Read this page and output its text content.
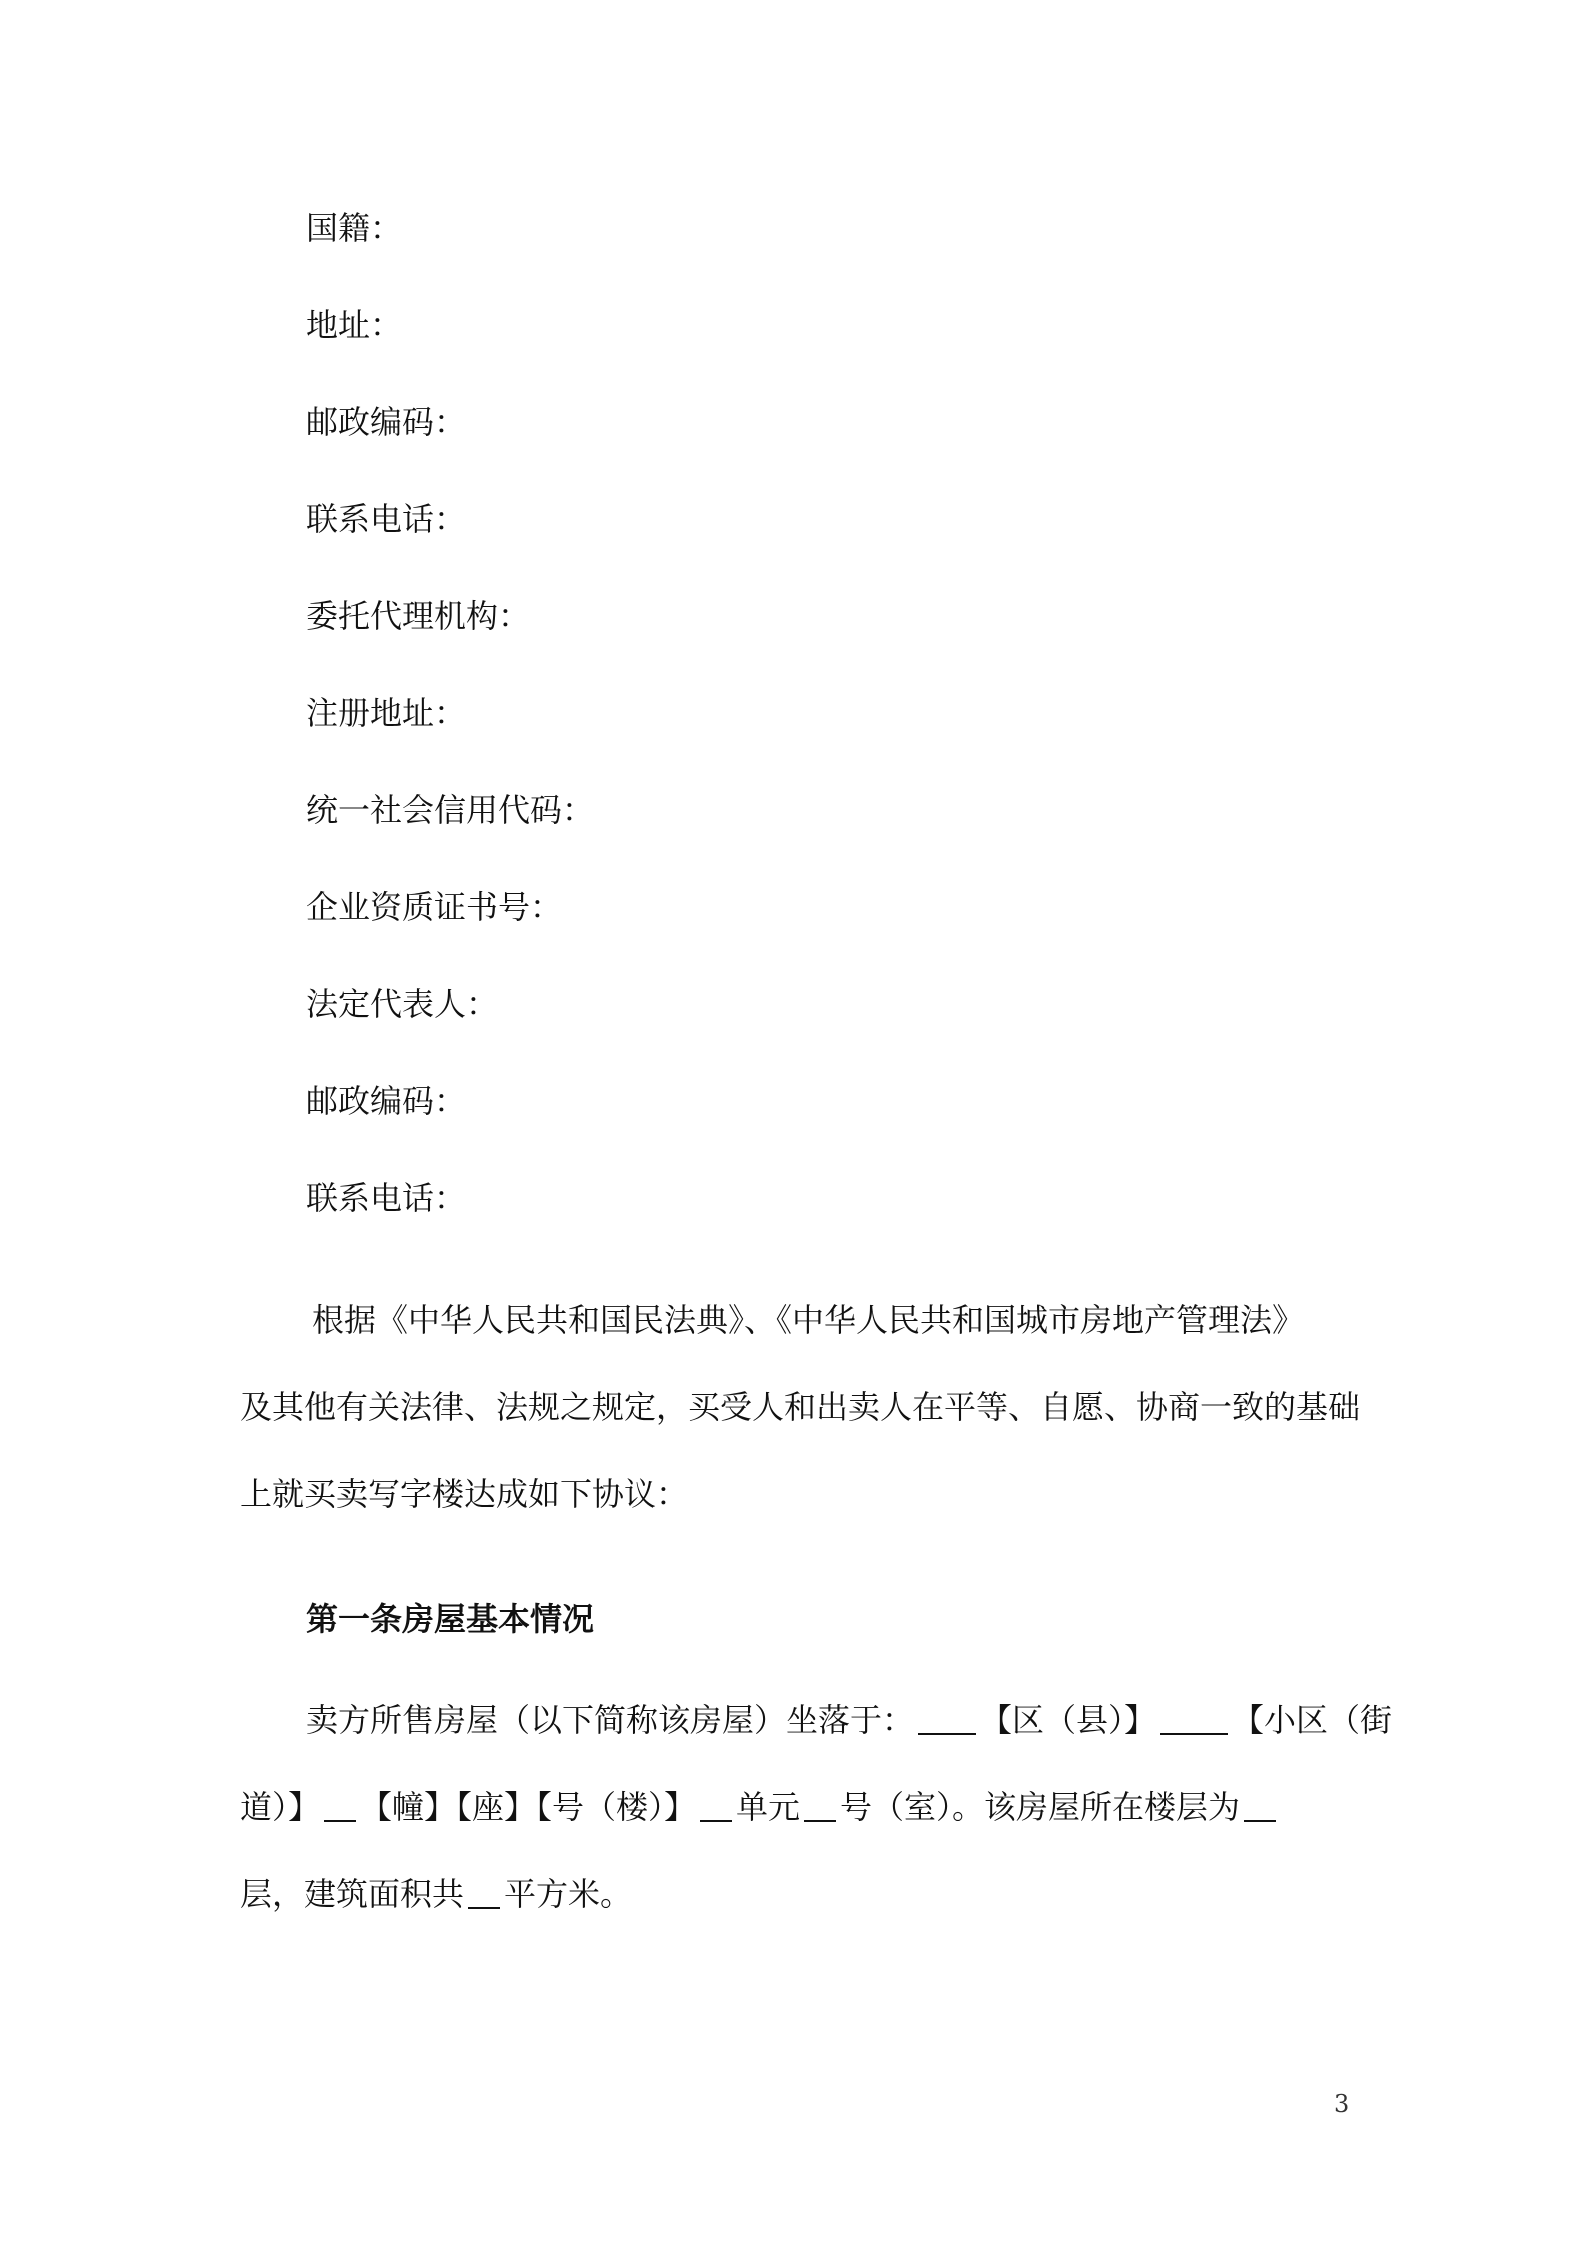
国籍：
地址：
邮政编码：
联系电话：
委托代理机构：
注册地址：
统一社会信用代码：
企业资质证书号：
法定代表人：
邮政编码：
联系电话：
根据《中华人民共和国民法典》、《中华人民共和国城市房地产管理法》
及其他有关法律、法规之规定，买受人和出卖人在平等、自愿、协商一致的基础
上就买卖写字楼达成如下协议：
第一条房屋基本情况
卖方所售房屋（以下简称该房屋）坐落于： 【区（县）】 【小区（街
道）】 【幢】【座】【号（楼）】 单元 号（室）。该房屋所在楼层为
层，建筑面积共 平方米。
3
